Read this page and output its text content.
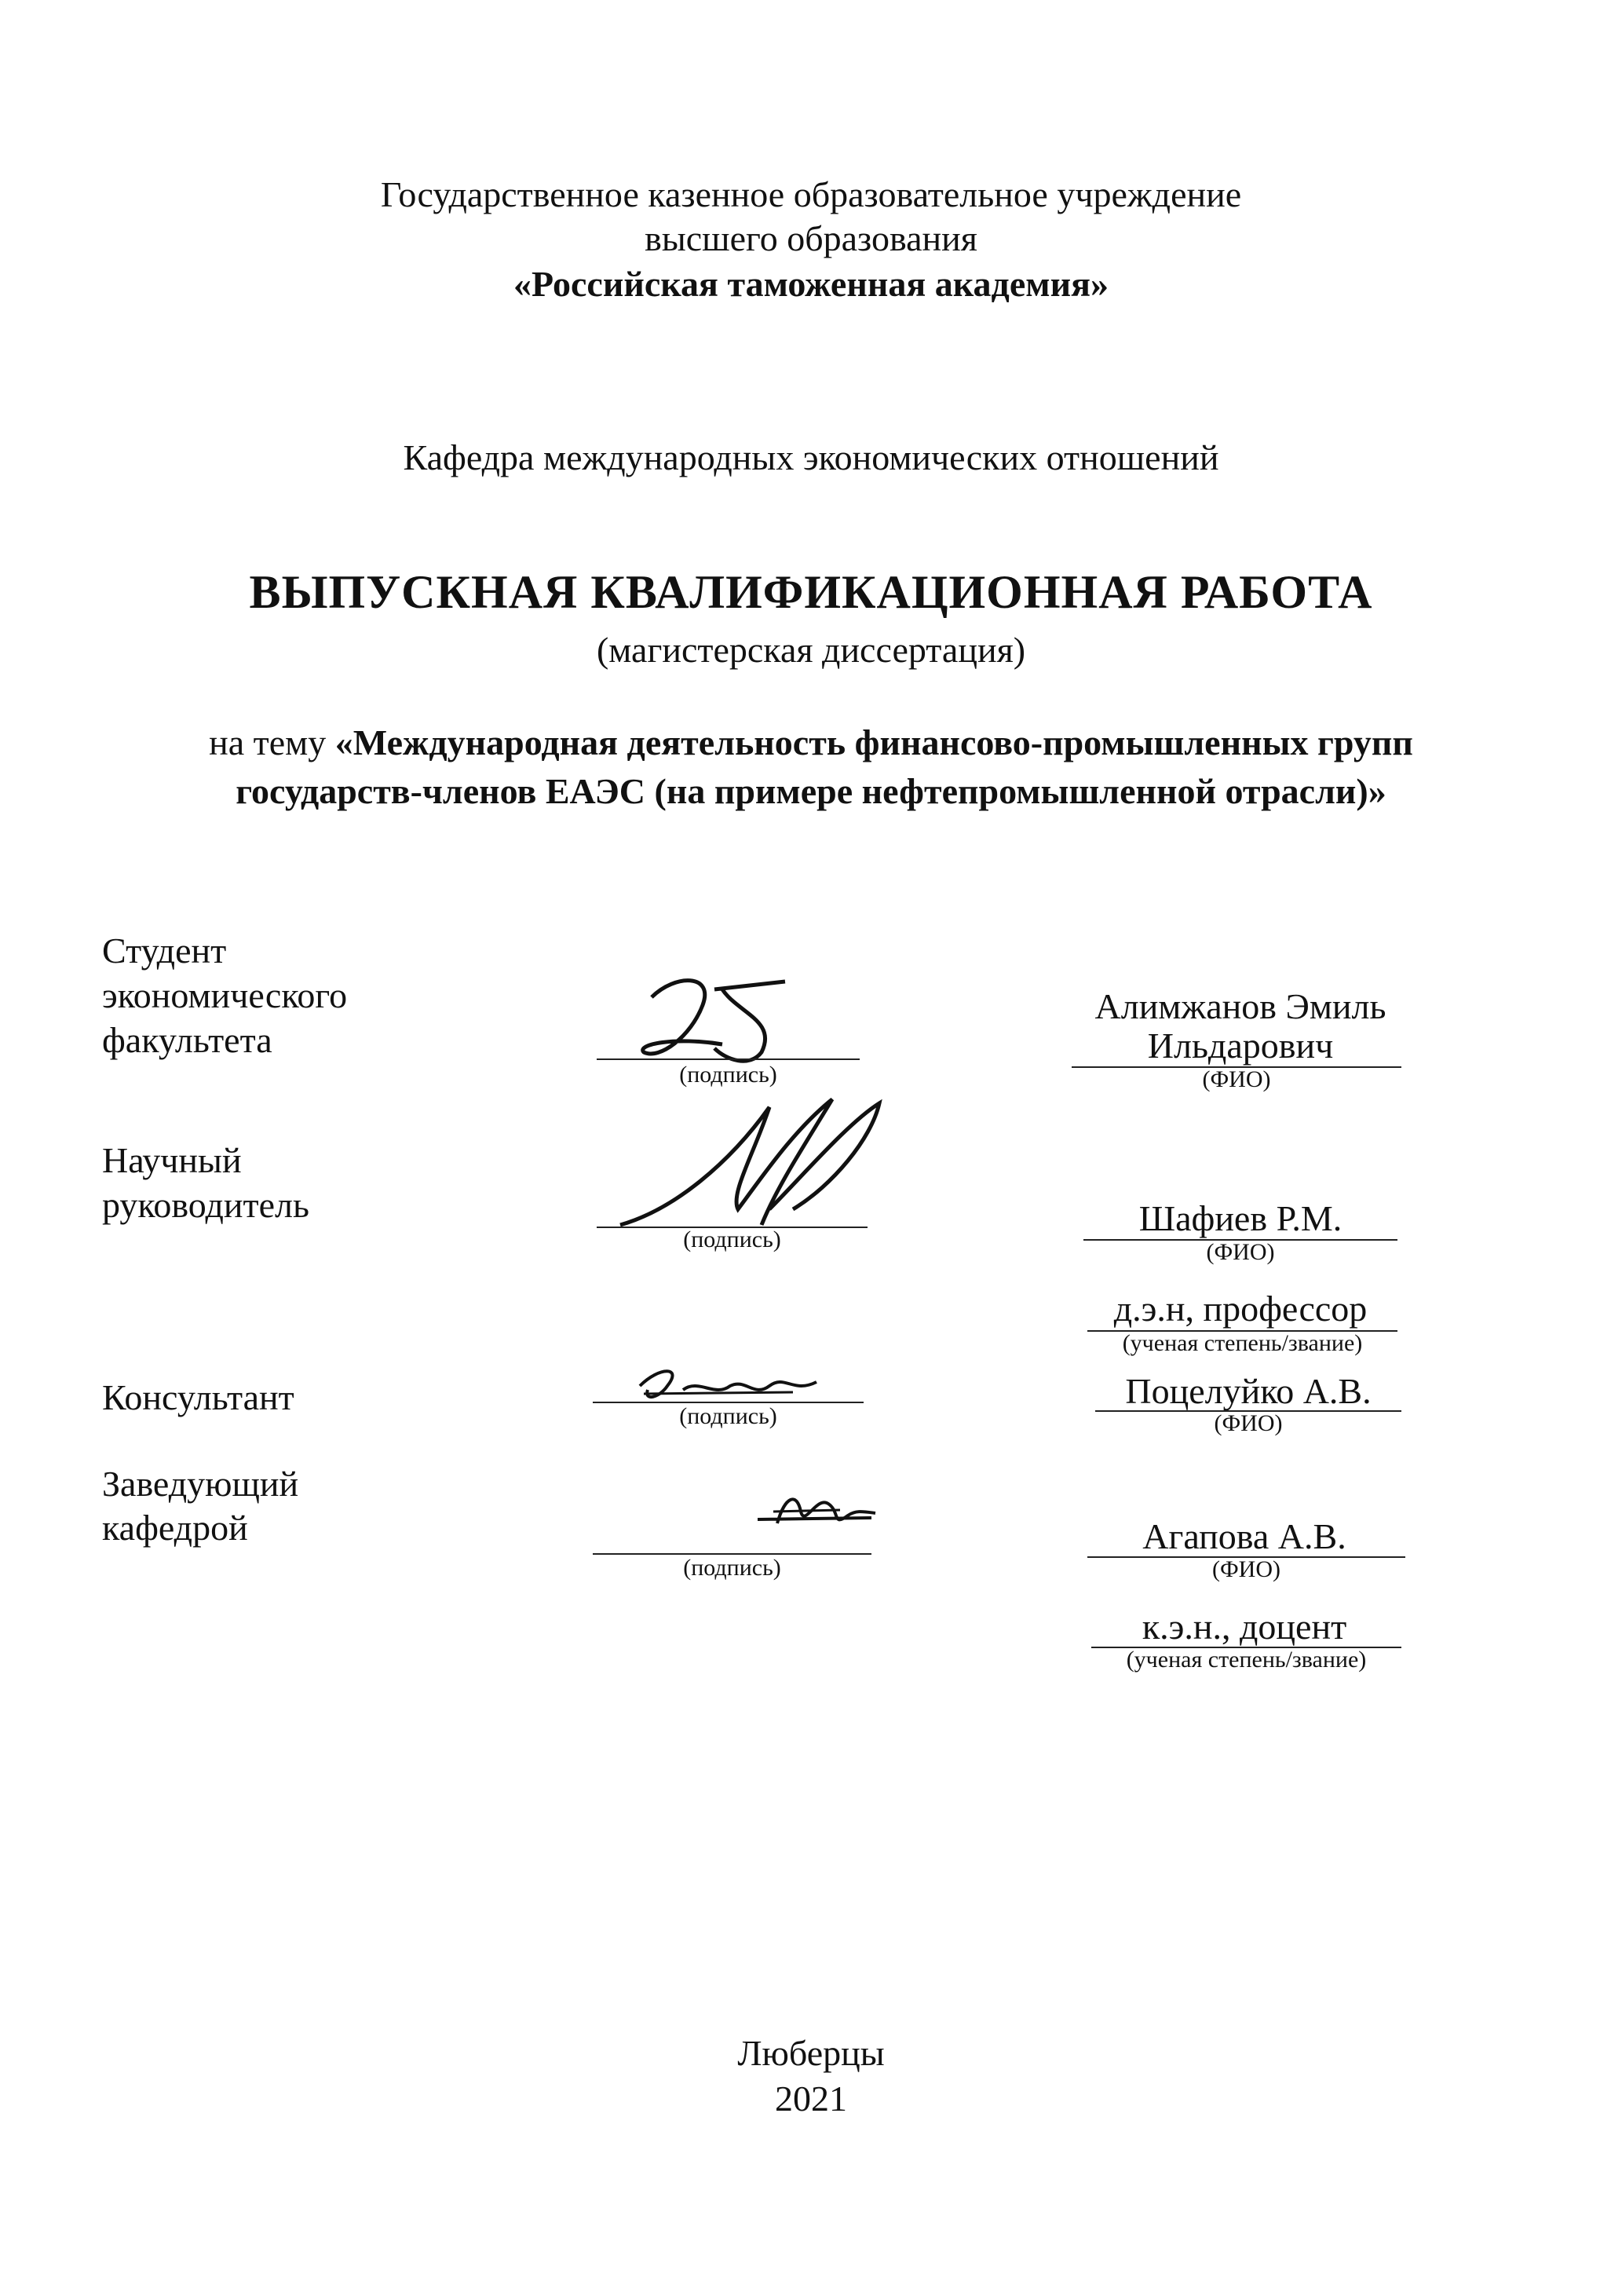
Государственное казенное образовательное учреждение
высшего образования
«Российская таможенная академия»
Кафедра международных экономических отношений
ВЫПУСКНАЯ КВАЛИФИКАЦИОННАЯ РАБОТА
(магистерская диссертация)
на тему «Международная деятельность финансово-промышленных групп
государств-членов ЕАЭС (на примере нефтепромышленной отрасли)»
Студент
экономического
факультета
(подпись)
Алимжанов Эмиль
Ильдарович
(ФИО)
Научный
руководитель
(подпись)
Шафиев Р.М.
(ФИО)
д.э.н, профессор
(ученая степень/звание)
Консультант	(подпись)
Поцелуйко А.В.
(ФИО)
Заведующий
кафедрой
(подпись)
Агапова А.В.
(ФИО)
к.э.н., доцент
(ученая степень/звание)
Люберцы
2021
